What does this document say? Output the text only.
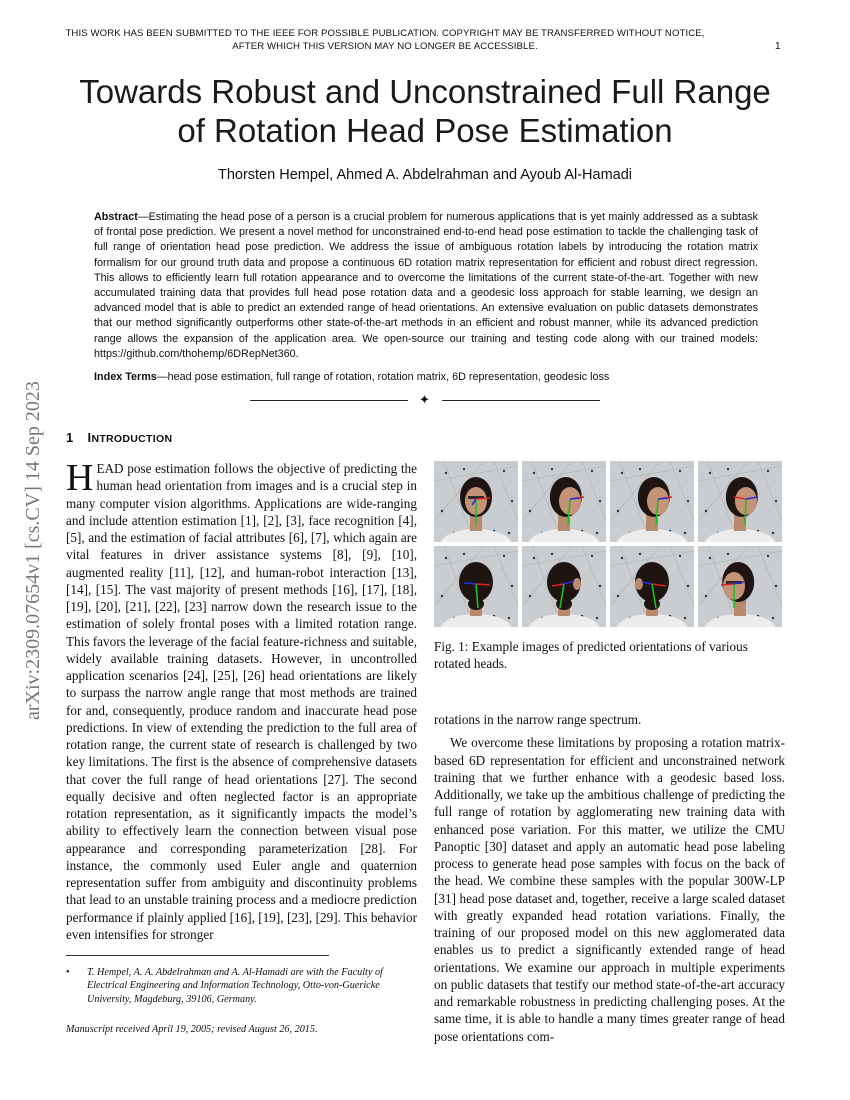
THIS WORK HAS BEEN SUBMITTED TO THE IEEE FOR POSSIBLE PUBLICATION. COPYRIGHT MAY BE TRANSFERRED WITHOUT NOTICE,
AFTER WHICH THIS VERSION MAY NO LONGER BE ACCESSIBLE.	1
Towards Robust and Unconstrained Full Range
of Rotation Head Pose Estimation
Thorsten Hempel, Ahmed A. Abdelrahman and Ayoub Al-Hamadi

Abstract—Estimating the head pose of a person is a crucial problem for numerous applications that is yet mainly addressed as a subtask of frontal pose prediction. We present a novel method for unconstrained end-to-end head pose estimation to tackle the challenging task of full range of orientation head pose prediction. We address the issue of ambiguous rotation labels by introducing the rotation matrix formalism for our ground truth data and propose a continuous 6D rotation matrix representation for efficient and robust direct regression. This allows to efficiently learn full rotation appearance and to overcome the limitations of the current state-of-the-art. Together with new accumulated training data that provides full head pose rotation data and a geodesic loss approach for stable learning, we design an advanced model that is able to predict an extended range of head orientations. An extensive evaluation on public datasets demonstrates that our method significantly outperforms other state-of-the-art methods in an efficient and robust manner, while its advanced prediction range allows the expansion of the application area. We open-source our training and testing code along with our trained models: https://github.com/thohemp/6DRepNet360.

Index Terms—head pose estimation, full range of rotation, rotation matrix, 6D representation, geodesic loss

✦
arXiv:2309.07654v1 [cs.CV] 14 Sep 2023 1 INTRODUCTION

HEAD pose estimation follows the objective of predicting the human head orientation from images and is a crucial step in many computer vision algorithms. Applications are wide-ranging and include attention estimation [1], [2], [3], face recognition [4], [5], and the estimation of facial attributes [6], [7], which again are vital features in driver assistance systems [8], [9], [10], augmented reality [11], [12], and human-robot interaction [13], [14], [15]. The vast majority of present methods [16], [17], [18], [19], [20], [21], [22], [23] narrow down the research issue to the estimation of solely frontal poses with a limited rotation range. This favors the leverage of the facial feature-richness and suitable, widely available training datasets. However, in uncontrolled application scenarios [24], [25], [26] head orientations are likely to surpass the narrow angle range that most methods are trained for and, consequently, produce random and inaccurate head pose predictions. In view of extending the prediction to the full area of rotation range, the current state of research is challenged by two key limitations. The first is the absence of comprehensive datasets that cover the full range of head orientations [27]. The second equally decisive and often neglected factor is an appropriate rotation representation, as it significantly impacts the model’s ability to effectively learn the connection between visual pose appearance and corresponding parameterization [28]. For instance, the commonly used Euler angle and quaternion representation suffer from ambiguity and discontinuity problems that lead to an unstable training process and a mediocre prediction performance if plainly applied [16], [19], [23], [29]. This behavior even intensifies for stronger

• T. Hempel, A. A. Abdelrahman and A. Al-Hamadi are with the Faculty of Electrical Engineering and Information Technology, Otto-von-Guericke University, Magdeburg, 39106, Germany.

Manuscript received April 19, 2005; revised August 26, 2015.

Fig. 1: Example images of predicted orientations of various rotated heads.

rotations in the narrow range spectrum.

We overcome these limitations by proposing a rotation matrix-based 6D representation for efficient and unconstrained network training that we further enhance with a geodesic based loss. Additionally, we take up the ambitious challenge of predicting the full range of rotation by agglomerating new training data with enhanced pose variation. For this matter, we utilize the CMU Panoptic [30] dataset and apply an automatic head pose labeling process to generate head pose samples with focus on the back of the head. We combine these samples with the popular 300W-LP [31] head pose dataset and, together, receive a large scaled dataset with greatly expanded head rotation variations. Finally, the training of our proposed model on this new agglomerated data enables us to predict a significantly extended range of head orientations. We examine our approach in multiple experiments on public datasets that testify our method state-of-the-art accuracy and remarkable robustness in predicting challenging poses. At the same time, it is able to handle a many times greater range of head pose orientations com-
